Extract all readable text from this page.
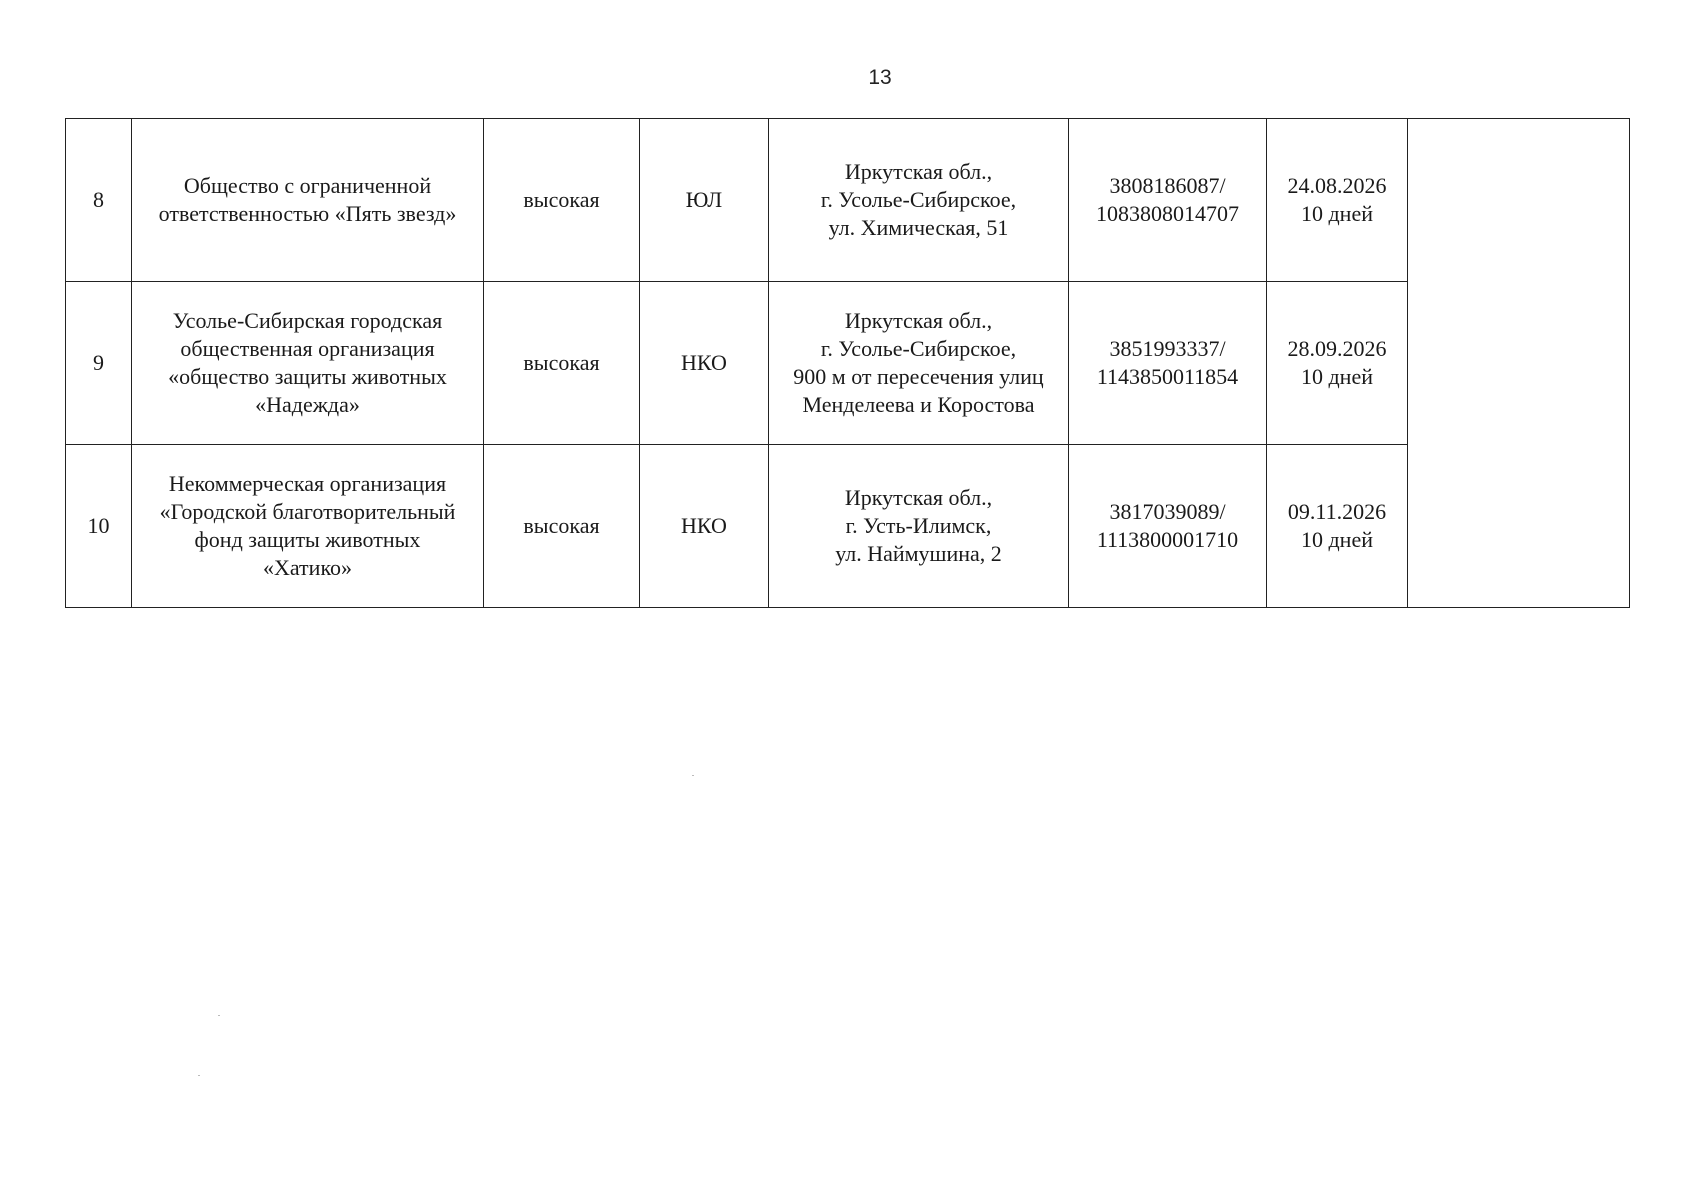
13
8	Общество с ограниченной
ответственностью «Пять звезд»	высокая	ЮЛ	Иркутская обл.,
г. Усолье-Сибирское,
ул. Химическая, 51	3808186087/
1083808014707	24.08.2026
10 дней	

9	Усолье-Сибирская городская
общественная организация
«общество защиты животных
«Надежда»	высокая	НКО	Иркутская обл.,
г. Усолье-Сибирское,
900 м от пересечения улиц
Менделеева и Коростова	3851993337/
1143850011854	28.09.2026
10 дней	

10	Некоммерческая организация
«Городской благотворительный
фонд защиты животных
«Хатико»	высокая	НКО	Иркутская обл.,
г. Усть-Илимск,
ул. Наймушина, 2	3817039089/
1113800001710	09.11.2026
10 дней	
